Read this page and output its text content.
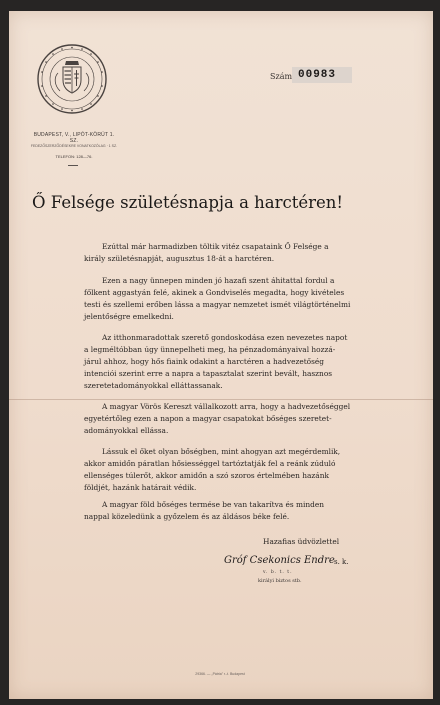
BUDAPEST, V., LIPÓT-KÖRÚT 1. SZ.
FEDEZŐSZERZŐDÉSEKRE VONATKOZÓLAG · 1 SZ.
TELEFON: 128—76.
Szám 00983
Ő Felsége születésnapja a harctéren!
Ezúttal már harmadizben töltik vitéz csapataink Ő Felsége a
király születésnapját, augusztus 18-át a harctéren.
Ezen a nagy ünnepen minden jó hazafi szent áhitattal fordul a
főlkent aggastyán felé, akinek a Gondviselés megadta, hogy kivételes
testi és szellemi erőben lássa a magyar nemzetet ismét világtörténelmi
jelentőségre emelkedni.
Az itthonmaradottak szerető gondoskodása ezen nevezetes napot
a legméltóbban úgy ünnepelheti meg, ha pénzadományaival hozzá-
járul ahhoz, hogy hős fiaink odakint a harctéren a hadvezetőség
intenciói szerint erre a napra a tapasztalat szerint bevált, hasznos
szeretetadományokkal elláttassanak.
A magyar Vörös Kereszt vállalkozott arra, hogy a hadvezetőséggel
egyetértőleg ezen a napon a magyar csapatokat bőséges szeretet-
adományokkal ellássa.
Lássuk el őket olyan bőségben, mint ahogyan azt megérdemlik,
akkor amidőn páratlan hősiességgel tartóztatják fel a reánk zúduló
ellenséges túlerőt, akkor amidőn a szó szoros értelmében hazánk
földjét, hazánk határait védik.
A magyar föld bőséges termése be van takarítva és minden
Hazafias üdvözlettel
nappal közeledünk a győzelem és az áldásos béke felé.
Gróf Csekonics Endre s. k.
v. b. t. t.
királyi biztos stb.
29366. — „Pátria" r.-t. Budapest
